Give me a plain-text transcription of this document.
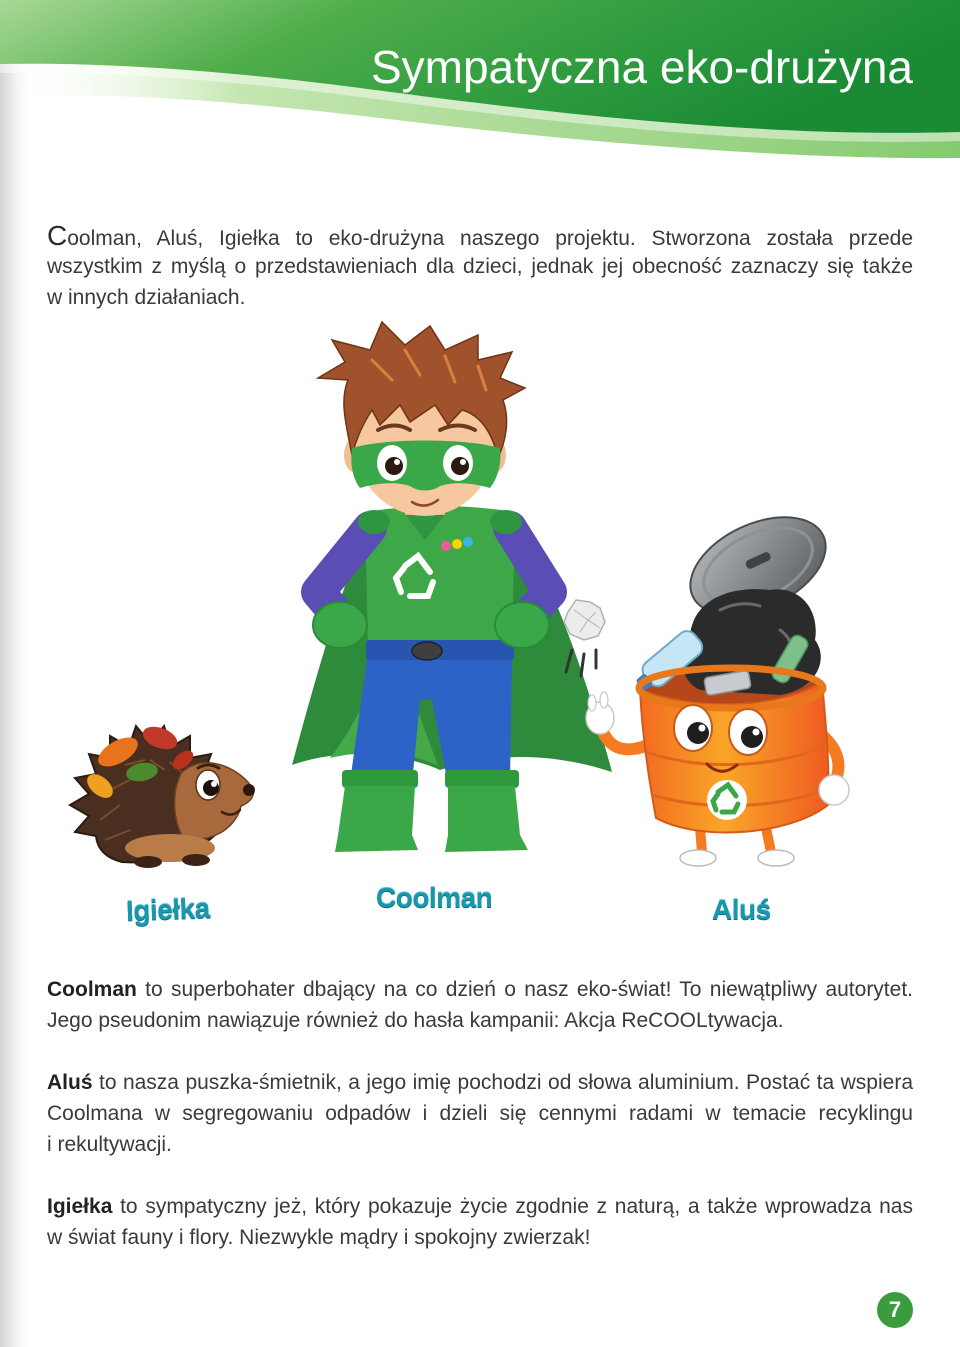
Sympatyczna eko-drużyna
Coolman, Aluś, Igiełka to eko-drużyna naszego projektu. Stworzona została przede
wszystkim z myślą o przedstawieniach dla dzieci, jednak jej obecność zaznaczy się także
w innych działaniach.
Igiełka	Coolman	Aluś
Coolman to superbohater dbający na co dzień o nasz eko-świat! To niewątpliwy autorytet.
Jego pseudonim nawiązuje również do hasła kampanii: Akcja ReCOOLtywacja.
Aluś to nasza puszka-śmietnik, a jego imię pochodzi od słowa aluminium. Postać ta wspiera
Coolmana w segregowaniu odpadów i dzieli się cennymi radami w temacie recyklingu
i rekultywacji.
Igiełka to sympatyczny jeż, który pokazuje życie zgodnie z naturą, a także wprowadza nas
w świat fauny i flory. Niezwykle mądry i spokojny zwierzak!
7
